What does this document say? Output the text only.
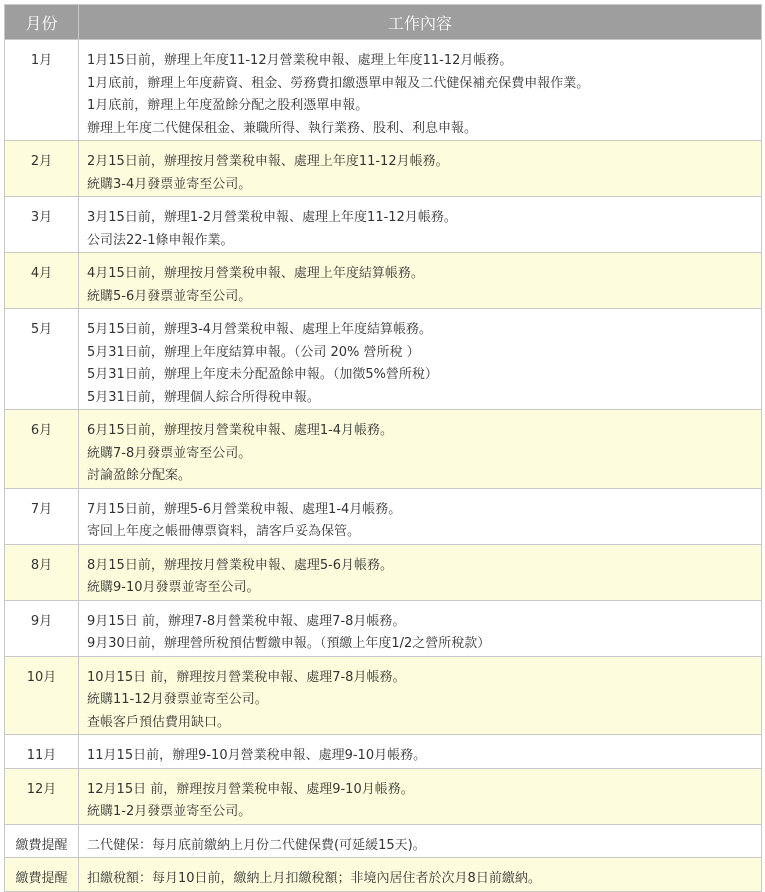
月份	工作內容
1月	1月15日前，辦理上年度11-12月營業稅申報、處理上年度11-12月帳務。
1月底前，辦理上年度薪資、租金、勞務費扣繳憑單申報及二代健保補充保費申報作業。
1月底前，辦理上年度盈餘分配之股利憑單申報。
辦理上年度二代健保租金、兼職所得、執行業務、股利、利息申報。

2月	2月15日前，辦理按月營業稅申報、處理上年度11-12月帳務。
統購3-4月發票並寄至公司。

3月	3月15日前，辦理1-2月營業稅申報、處理上年度11-12月帳務。
公司法22-1條申報作業。

4月	4月15日前，辦理按月營業稅申報、處理上年度結算帳務。
統購5-6月發票並寄至公司。

5月	5月15日前，辦理3-4月營業稅申報、處理上年度結算帳務。
5月31日前，辦理上年度結算申報。（公司 20% 營所稅 ）
5月31日前，辦理上年度未分配盈餘申報。（加徵5%營所稅）
5月31日前，辦理個人綜合所得稅申報。

6月	6月15日前，辦理按月營業稅申報、處理1-4月帳務。
統購7-8月發票並寄至公司。
討論盈餘分配案。

7月	7月15日前，辦理5-6月營業稅申報、處理1-4月帳務。
寄回上年度之帳冊傳票資料，請客戶妥為保管。

8月	8月15日前，辦理按月營業稅申報、處理5-6月帳務。
統購9-10月發票並寄至公司。

9月	9月15日 前，辦理7-8月營業稅申報、處理7-8月帳務。
9月30日前，辦理營所稅預估暫繳申報。（預繳上年度1/2之營所稅款）

10月	10月15日 前，辦理按月營業稅申報、處理7-8月帳務。
統購11-12月發票並寄至公司。
查帳客戶預估費用缺口。

11月	11月15日前，辦理9-10月營業稅申報、處理9-10月帳務。

12月	12月15日 前，辦理按月營業稅申報、處理9-10月帳務。
統購1-2月發票並寄至公司。

繳費提醒	二代健保：每月底前繳納上月份二代健保費(可延緩15天)。

繳費提醒	扣繳稅額：每月10日前，繳納上月扣繳稅額；非境內居住者於次月8日前繳納。
